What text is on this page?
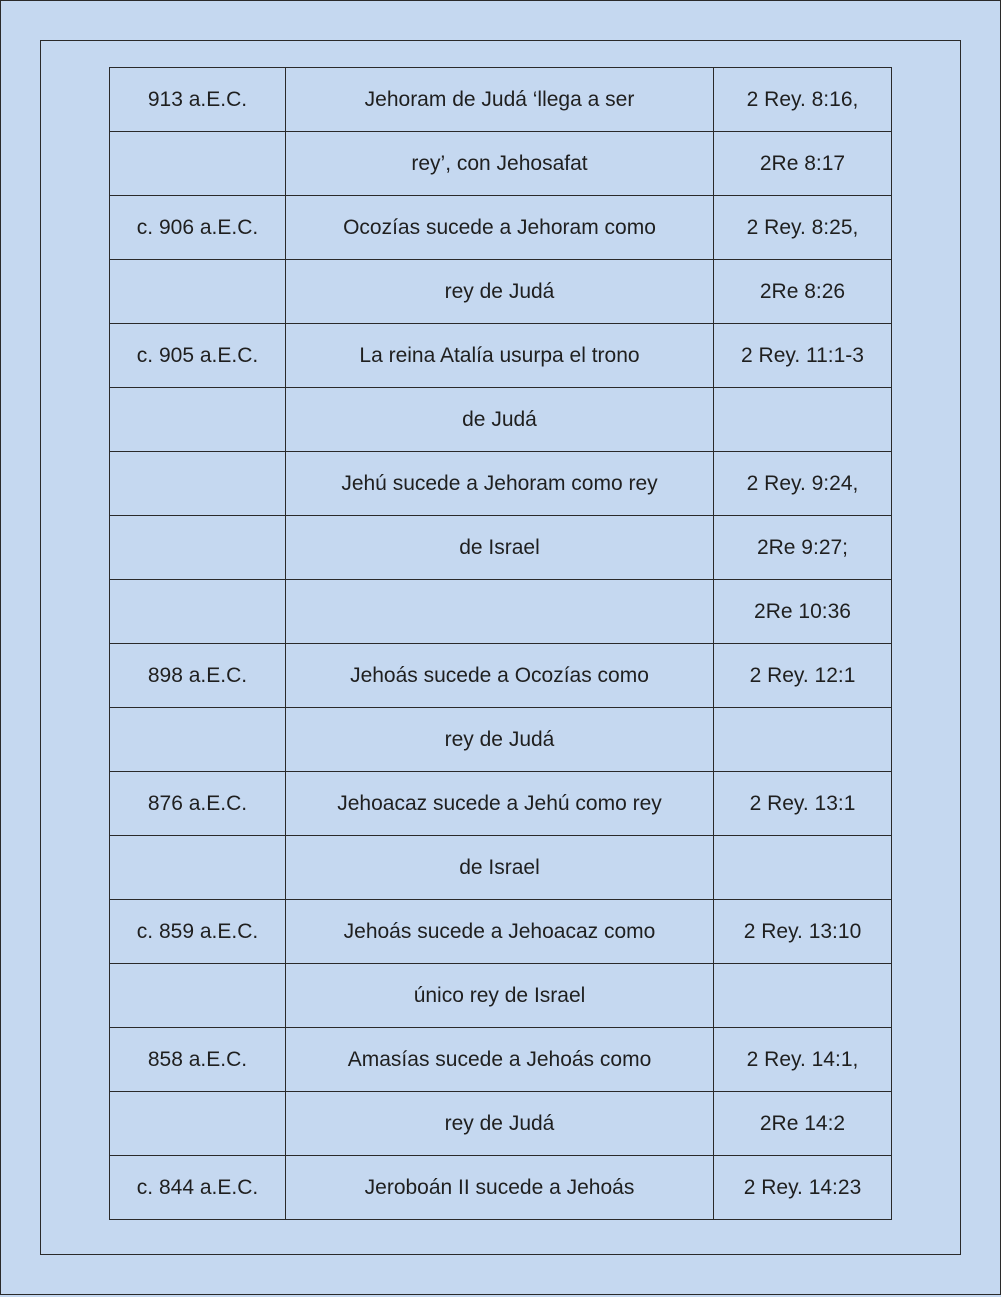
913 a.E.C.	Jehoram de Judá ‘llega a ser	2 Rey. 8:16,
	rey’, con Jehosafat	2Re 8:17
c. 906 a.E.C.	Ocozías sucede a Jehoram como	2 Rey. 8:25,
	rey de Judá	2Re 8:26
c. 905 a.E.C.	La reina Atalía usurpa el trono	2 Rey. 11:1-3
	de Judá	
	Jehú sucede a Jehoram como rey	2 Rey. 9:24,
	de Israel	2Re 9:27;
		2Re 10:36
898 a.E.C.	Jehoás sucede a Ocozías como	2 Rey. 12:1
	rey de Judá	
876 a.E.C.	Jehoacaz sucede a Jehú como rey	2 Rey. 13:1
	de Israel	
c. 859 a.E.C.	Jehoás sucede a Jehoacaz como	2 Rey. 13:10
	único rey de Israel	
858 a.E.C.	Amasías sucede a Jehoás como	2 Rey. 14:1,
	rey de Judá	2Re 14:2
c. 844 a.E.C.	Jeroboán II sucede a Jehoás	2 Rey. 14:23
